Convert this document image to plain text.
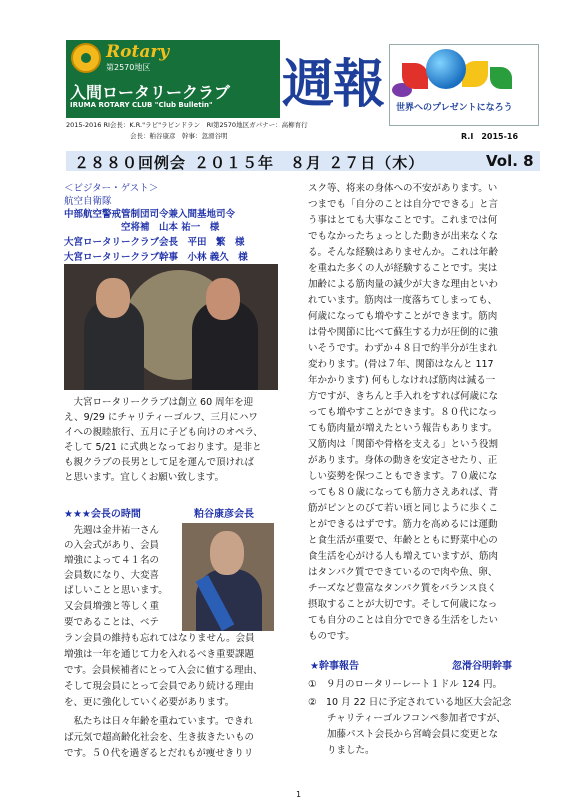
Rotary
第2570地区
入間ロータリークラブ
IRUMA ROTARY CLUB "Club Bulletin" 週報 世界へのプレゼントになろう
2015-2016 RI会長：K.R."ラビ"ラビンドラン　RI第2570地区ガバナー：高柳育行
会長：粕谷康彦　幹事：忽滑谷明	R.I　2015-16
２８８０回例会 ２０１５年　８月 ２７日（木）	Vol. 8
＜ビジター・ゲスト＞
航空自衛隊
中部航空警戒管制団司令兼入間基地司令
　　　　　　空将補　山本 祐一　様
大宮ロータリークラブ会長　平田　繁　様
大宮ロータリークラブ幹事　小林 義久　様
　大宮ロータリークラブは創立 60 周年を迎
え、9/29 にチャリティーゴルフ、三月にハワ
イへの親睦旅行、五月に子ども向けのオペラ、
そして 5/21 に式典となっております。是非と
も親クラブの長男として足を運んで頂ければ
と思います。宜しくお願い致します。
★★★会長の時間	粕谷康彦会長
　先週は金井祐一さん
の入会式があり、会員
増強によって４１名の
会員数になり、大変喜
ばしいことと思います。
又会員増強と等しく重
要であることは、ベテ
ラン会員の維持も忘れてはなりません。会員
増強は一年を通じて力を入れるべき重要課題
です。会員候補者にとって入会に値する理由、
そして現会員にとって会員であり続ける理由
を、更に強化していく必要があります。
　私たちは日々年齢を重ねています。できれ
ば元気で超高齢化社会を、生き抜きたいもの
です。５０代を過ぎるとだれもが痩せきりリ
スク等、将来の身体への不安があります。い
つまでも「自分のことは自分でできる」と言
う事はとても大事なことです。これまでは何
でもなかったちょっとした動きが出来なくな
る。そんな経験はありませんか。これは年齢
を重ねた多くの人が経験することです。実は
加齢による筋肉量の減少が大きな理由といわ
れています。筋肉は一度落ちてしまっても、
何歳になっても増やすことができます。筋肉
は骨や関節に比べて蘇生する力が圧倒的に強
いそうです。わずか４８日で約半分が生まれ
変わります。(骨は７年、関節はなんと 117
年かかります) 何もしなければ筋肉は減る一
方ですが、きちんと手入れをすれば何歳にな
っても増やすことができます。８０代になっ
ても筋肉量が増えたという報告もあります。
又筋肉は「関節や骨格を支える」という役割
があります。身体の動きを安定させたり、正
しい姿勢を保つこともできます。７０歳にな
っても８０歳になっても筋力さえあれば、背
筋がピンとのびて若い頃と同じように歩くこ
とができるはずです。筋力を高めるには運動
と食生活が重要で、年齢とともに野菜中心の
食生活を心がける人も増えていますが、筋肉
はタンパク質でできているので肉や魚、卵、
チーズなど豊富なタンパク質をバランス良く
摂取することが大切です。そして何歳になっ
ても自分のことは自分でできる生活をしたい
ものです。
★幹事報告	忽滑谷明幹事
①　９月のロータリーレート１ドル 124 円。
②　10 月 22 日に予定されている地区大会記念
　　チャリティーゴルフコンペ参加者ですが、
　　加藤パスト会長から宮崎会員に変更とな
　　りました。
1
